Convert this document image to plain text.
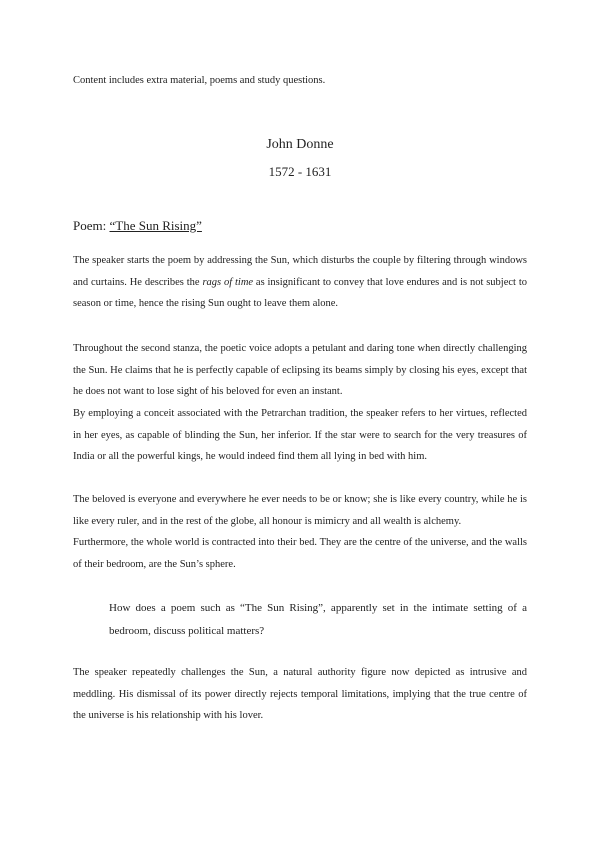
Content includes extra material, poems and study questions.
John Donne
1572 - 1631
Poem: “The Sun Rising”

The speaker starts the poem by addressing the Sun, which disturbs the couple by filtering through windows and curtains. He describes the rags of time as insignificant to convey that love endures and is not subject to season or time, hence the rising Sun ought to leave them alone.

Throughout the second stanza, the poetic voice adopts a petulant and daring tone when directly challenging the Sun. He claims that he is perfectly capable of eclipsing its beams simply by closing his eyes, except that he does not want to lose sight of his beloved for even an instant.

By employing a conceit associated with the Petrarchan tradition, the speaker refers to her virtues, reflected in her eyes, as capable of blinding the Sun, her inferior. If the star were to search for the very treasures of India or all the powerful kings, he would indeed find them all lying in bed with him.

The beloved is everyone and everywhere he ever needs to be or know; she is like every country, while he is like every ruler, and in the rest of the globe, all honour is mimicry and all wealth is alchemy.

Furthermore, the whole world is contracted into their bed. They are the centre of the universe, and the walls of their bedroom, are the Sun’s sphere.

How does a poem such as “The Sun Rising”, apparently set in the intimate setting of a bedroom, discuss political matters?

The speaker repeatedly challenges the Sun, a natural authority figure now depicted as intrusive and meddling. His dismissal of its power directly rejects temporal limitations, implying that the true centre of the universe is his relationship with his lover.
